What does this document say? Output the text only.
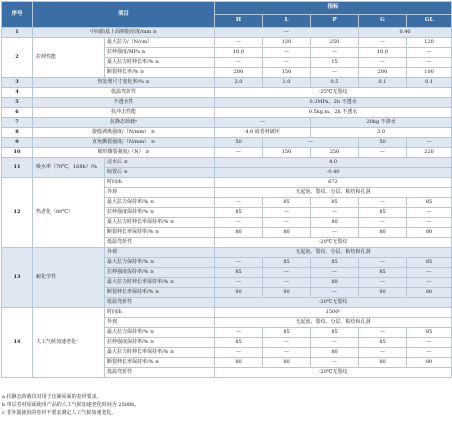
序号	项目		指标				
			H	L	P	G	GL
1	中间胎基上面树脂厚度/mm ≥		—			0.40	
2	拉伸性能	最大拉力/（N/cm）	—	120	250	—	120
		拉伸强度/MPa ≥	10.0	—	—	10.0	—
		最大拉力时伸长率/% ≥	—	—	15	—	—
		断裂伸长率/% ≥	200	150	—	200	100
3	热处理尺寸变化率/% ≤		2.0	1.0	0.5	0.1	0.1
4	低温弯折性		-25℃无裂纹				
5	不透水性		0.3MPa，2h 不透水				
6	抗冲击性能		0.5kg.m，2h 不透水				
7	抗静态荷载ᵃ		—		20kg 不渗水		
8	接缝剥离强度/（N/mm） ≥		4.0 或卷材破坏		3.0		
9	直角撕裂强度/（N/mm） ≥		50	—		50	—
10	梯形撕裂强度/（N） ≥		—	150	250	—	220
11	吸水率（70℃，168h）/%	浸水后 ≤	4.0				
		晾置后 ≥	-0.40				
12	热老化（80℃）	时间/h	672				
		外观	无起泡、裂纹、分层、粘结和孔洞				
		最大拉力保持率/% ≥	—	85	85	—	85
		拉伸强度保持率/% ≥	85	—	—	85	—
		最大拉力时伸长率保持率/% ≥	—	—	80	—	—
		断裂伸长率保持率/% ≥	80	80	—	80	80
		低温弯折性	-20℃无裂纹				
13	耐化学性	外观	无起泡、裂纹、分层、粘结和孔洞				
		最大拉力保持率/% ≥	—	85	85	—	85
		拉伸强度保持率/% ≥	85	—	—	85	—
		最大拉力时伸长率保持率/% ≥	—	—	80	—	—
		断裂伸长率保持率/% ≥	80	80	—	80	80
		低温弯折性	-20℃无裂纹				
14	人工气候加速老化ᶜ	时间/h	1500ᵇ				
		外观	无起泡、裂纹、分层、粘结和孔洞				
		最大拉力保持率/% ≥	—	85	85	—	85
		拉伸强度保持率/% ≥	85	—	—	85	—
		最大拉力时伸长率保持率/% ≥	—	—	80	—	—
		断裂伸长率保持率/% ≥	80	80	—	80	80
		低温弯折性	-20℃无裂纹				
a 抗静态荷载仅对用于压铺屋面的卷材要求。
b 单层卷材屋面使用产品的人工气候加速老化时间为 2500h。
c 非外露使用的卷材不要求测定人工气候加速老化。
